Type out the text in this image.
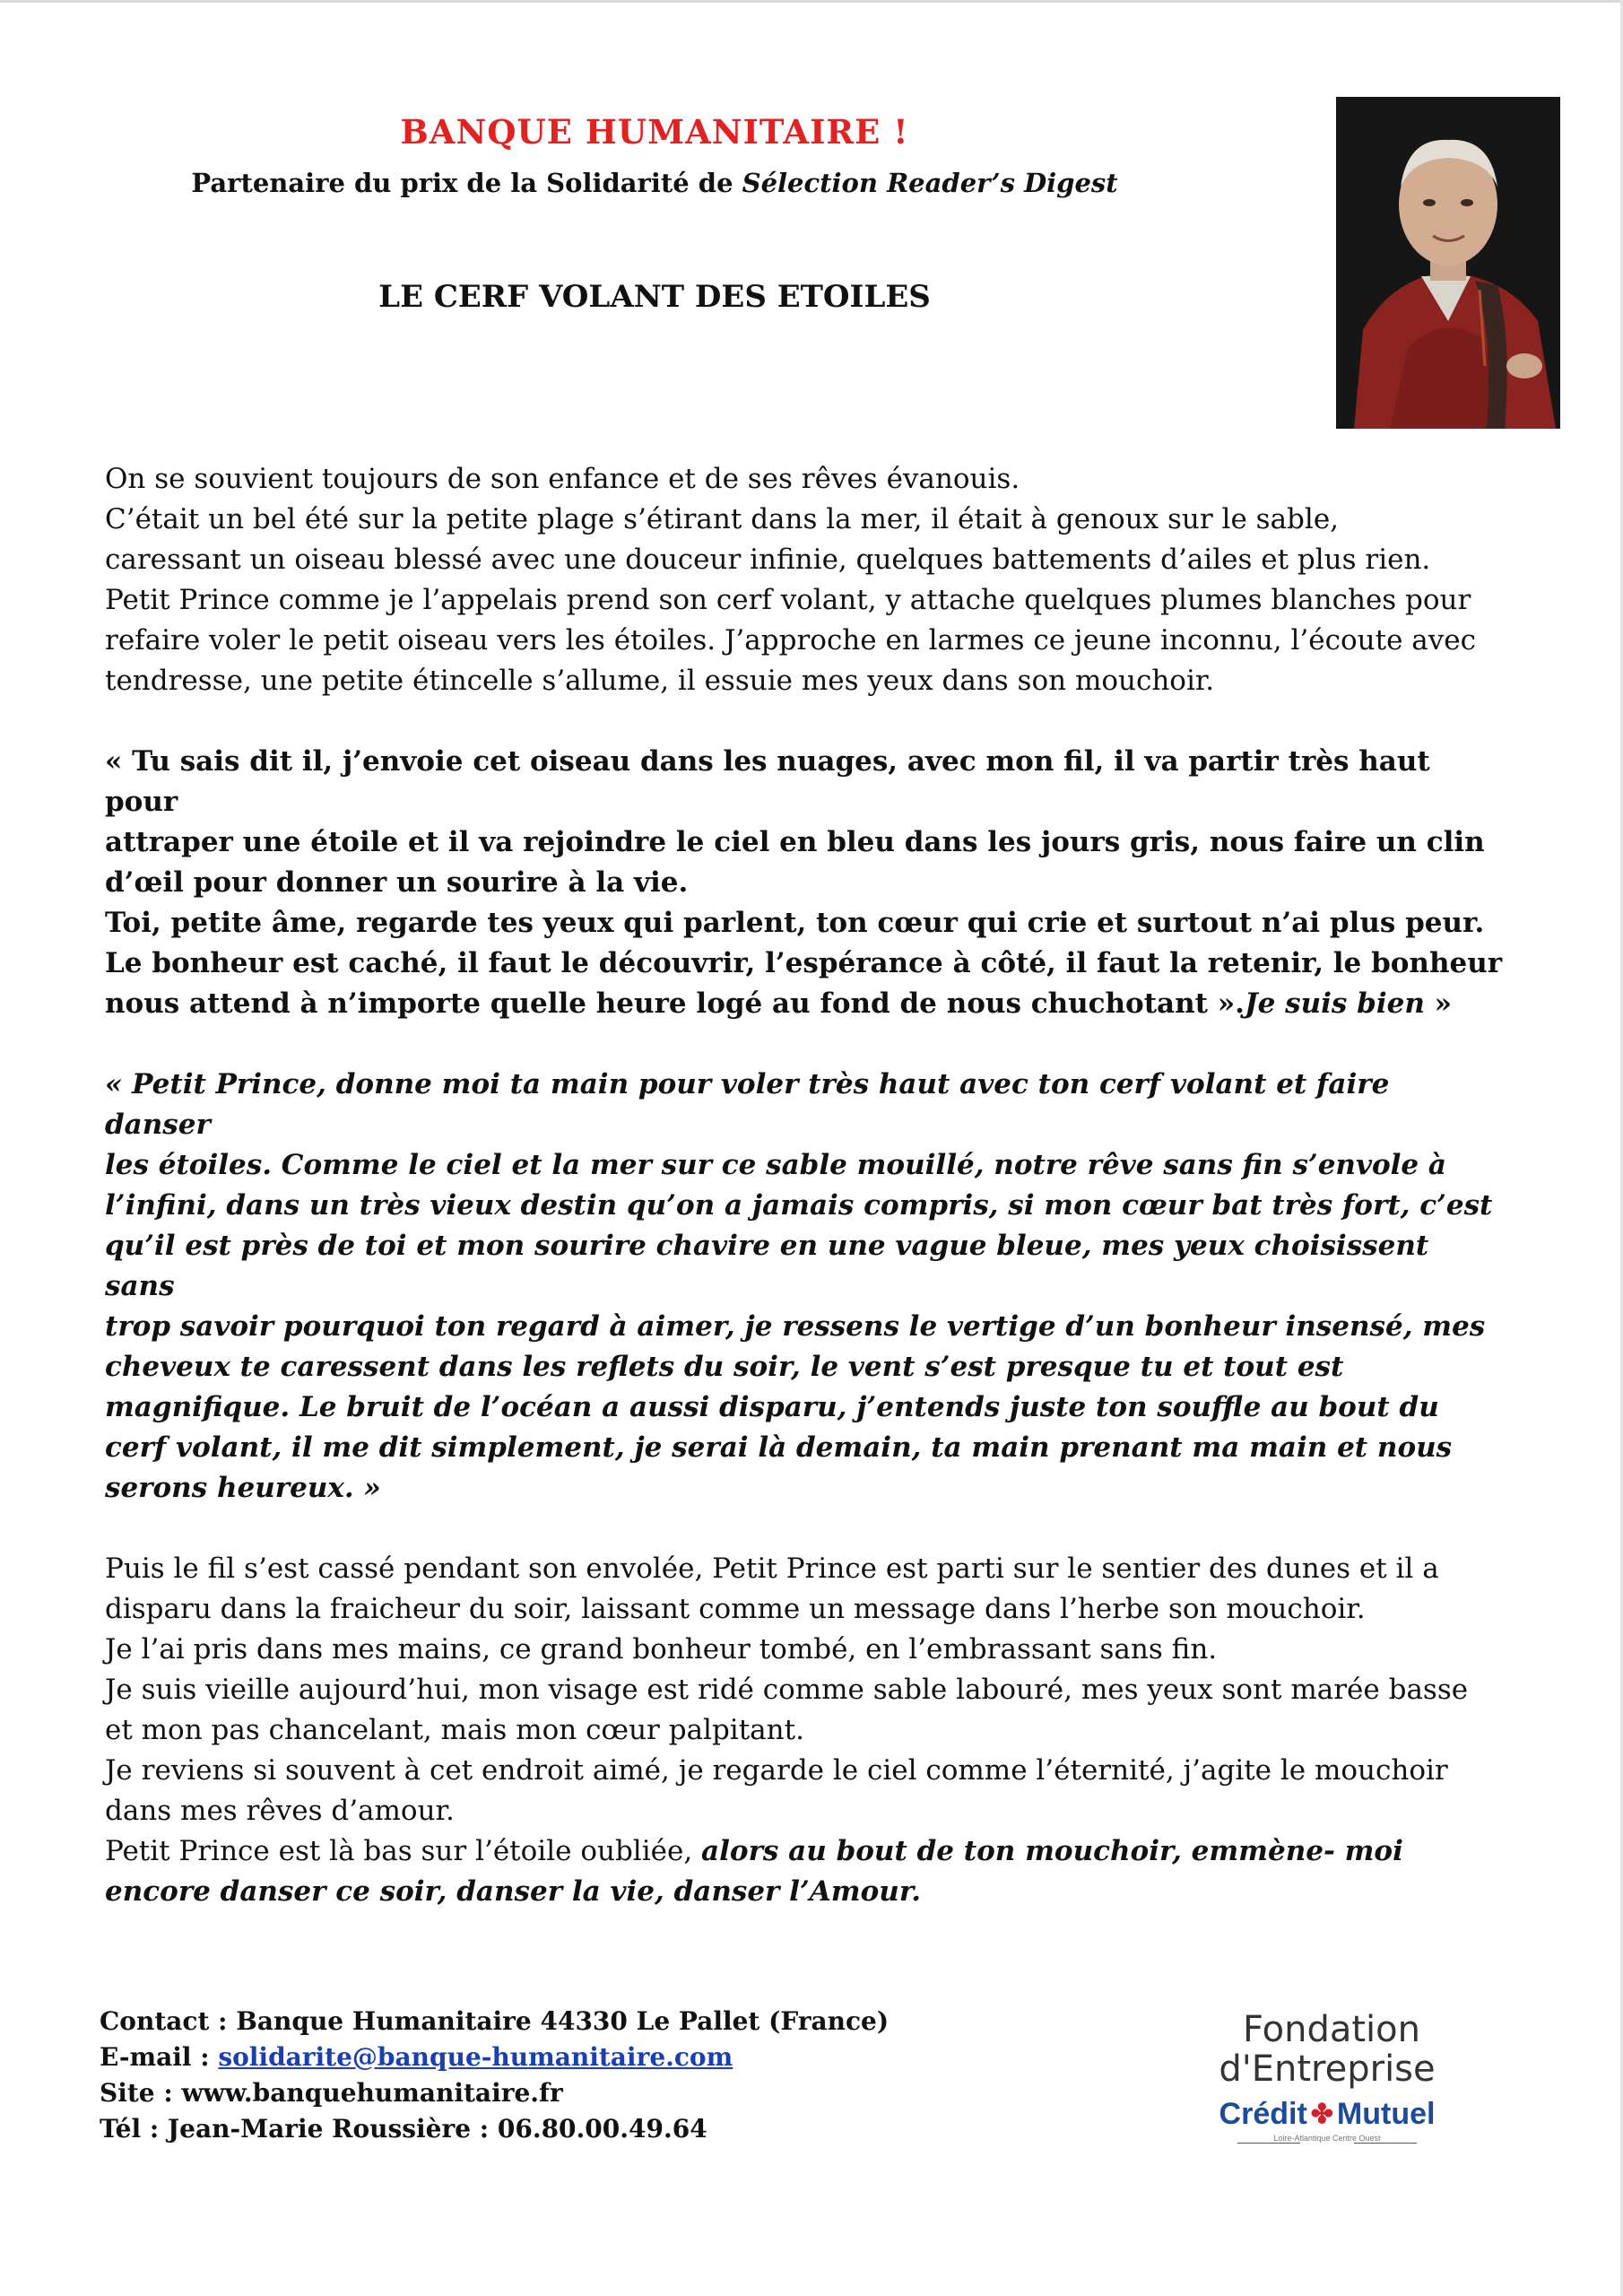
BANQUE HUMANITAIRE !
Partenaire du prix de la Solidarité de Sélection Reader’s Digest
LE CERF VOLANT DES ETOILES

On se souvient toujours de son enfance et de ses rêves évanouis.
C’était un bel été sur la petite plage s’étirant dans la mer, il était à genoux sur le sable,
caressant un oiseau blessé avec une douceur infinie, quelques battements d’ailes et plus rien.
Petit Prince comme je l’appelais prend son cerf volant, y attache quelques plumes blanches pour
refaire voler le petit oiseau vers les étoiles. J’approche en larmes ce jeune inconnu, l’écoute avec
tendresse, une petite étincelle s’allume, il essuie mes yeux dans son mouchoir.

« Tu sais dit il, j’envoie cet oiseau dans les nuages, avec mon fil, il va partir très haut pour
attraper une étoile et il va rejoindre le ciel en bleu dans les jours gris, nous faire un clin
d’œil pour donner un sourire à la vie.
Toi, petite âme, regarde tes yeux qui parlent, ton cœur qui crie et surtout n’ai plus peur.
Le bonheur est caché, il faut le découvrir, l’espérance à côté, il faut la retenir, le bonheur
nous attend à n’importe quelle heure logé au fond de nous chuchotant ».Je suis bien »

« Petit Prince, donne moi ta main pour voler très haut avec ton cerf volant et faire danser
les étoiles. Comme le ciel et la mer sur ce sable mouillé, notre rêve sans fin s’envole à
l’infini, dans un très vieux destin qu’on a jamais compris, si mon cœur bat très fort, c’est
qu’il est près de toi et mon sourire chavire en une vague bleue, mes yeux choisissent sans
trop savoir pourquoi ton regard à aimer, je ressens le vertige d’un bonheur insensé, mes
cheveux te caressent dans les reflets du soir, le vent s’est presque tu et tout est
magnifique. Le bruit de l’océan a aussi disparu, j’entends juste ton souffle au bout du
cerf volant, il me dit simplement, je serai là demain, ta main prenant ma main et nous
serons heureux. »

Puis le fil s’est cassé pendant son envolée, Petit Prince est parti sur le sentier des dunes et il a
disparu dans la fraicheur du soir, laissant comme un message dans l’herbe son mouchoir.
Je l’ai pris dans mes mains, ce grand bonheur tombé, en l’embrassant sans fin.
Je suis vieille aujourd’hui, mon visage est ridé comme sable labouré, mes yeux sont marée basse
et mon pas chancelant, mais mon cœur palpitant.
Je reviens si souvent à cet endroit aimé, je regarde le ciel comme l’éternité, j’agite le mouchoir
dans mes rêves d’amour.
Petit Prince est là bas sur l’étoile oubliée, alors au bout de ton mouchoir, emmène- moi
encore danser ce soir, danser la vie, danser l’Amour.

Contact : Banque Humanitaire 44330 Le Pallet (France)
E-mail : solidarite@banque-humanitaire.com
Site : www.banquehumanitaire.fr
Tél : Jean-Marie Roussière : 06.80.00.49.64
Fondation
d'Entreprise
Crédit ✤ Mutuel
Loire-Atlantique Centre Ouest
